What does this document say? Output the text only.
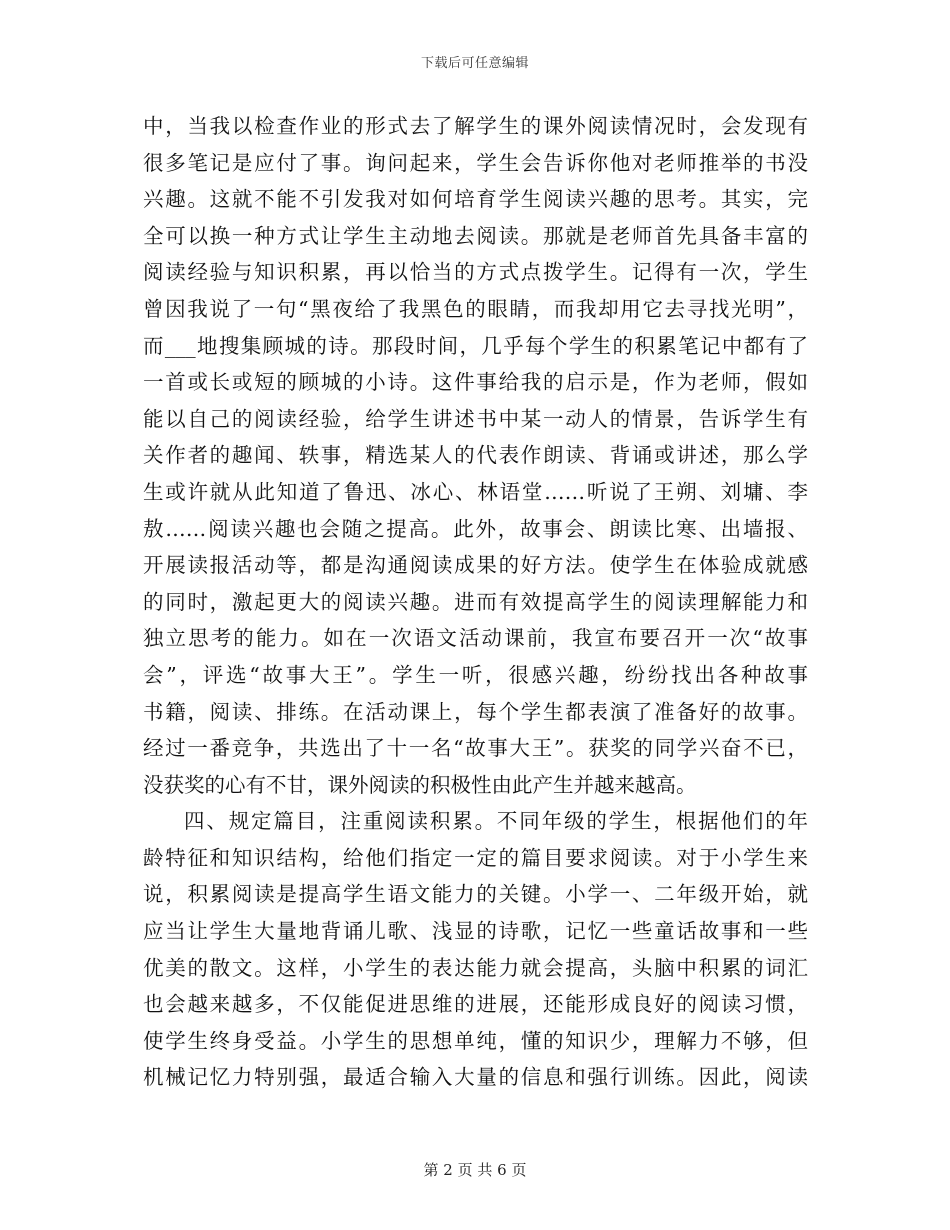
下载后可任意编辑
中，当我以检查作业的形式去了解学生的课外阅读情况时，会发现有
很多笔记是应付了事。询问起来，学生会告诉你他对老师推举的书没
兴趣。这就不能不引发我对如何培育学生阅读兴趣的思考。其实，完
全可以换一种方式让学生主动地去阅读。那就是老师首先具备丰富的
阅读经验与知识积累，再以恰当的方式点拨学生。记得有一次，学生
曾因我说了一句“黑夜给了我黑色的眼睛，而我却用它去寻找光明”，
而___地搜集顾城的诗。那段时间，几乎每个学生的积累笔记中都有了
一首或长或短的顾城的小诗。这件事给我的启示是，作为老师，假如
能以自己的阅读经验，给学生讲述书中某一动人的情景，告诉学生有
关作者的趣闻、轶事，精选某人的代表作朗读、背诵或讲述，那么学
生或许就从此知道了鲁迅、冰心、林语堂……听说了王朔、刘墉、李
敖……阅读兴趣也会随之提高。此外，故事会、朗读比寒、出墙报、
开展读报活动等，都是沟通阅读成果的好方法。使学生在体验成就感
的同时，激起更大的阅读兴趣。进而有效提高学生的阅读理解能力和
独立思考的能力。如在一次语文活动课前，我宣布要召开一次“故事
会”，评选“故事大王”。学生一听，很感兴趣，纷纷找出各种故事
书籍，阅读、排练。在活动课上，每个学生都表演了准备好的故事。
经过一番竞争，共选出了十一名“故事大王”。获奖的同学兴奋不已，
没获奖的心有不甘，课外阅读的积极性由此产生并越来越高。
四、规定篇目，注重阅读积累。不同年级的学生，根据他们的年
龄特征和知识结构，给他们指定一定的篇目要求阅读。对于小学生来
说，积累阅读是提高学生语文能力的关键。小学一、二年级开始，就
应当让学生大量地背诵儿歌、浅显的诗歌，记忆一些童话故事和一些
优美的散文。这样，小学生的表达能力就会提高，头脑中积累的词汇
也会越来越多，不仅能促进思维的进展，还能形成良好的阅读习惯，
使学生终身受益。小学生的思想单纯，懂的知识少，理解力不够，但
机械记忆力特别强，最适合输入大量的信息和强行训练。因此，阅读
第 2 页 共 6 页
